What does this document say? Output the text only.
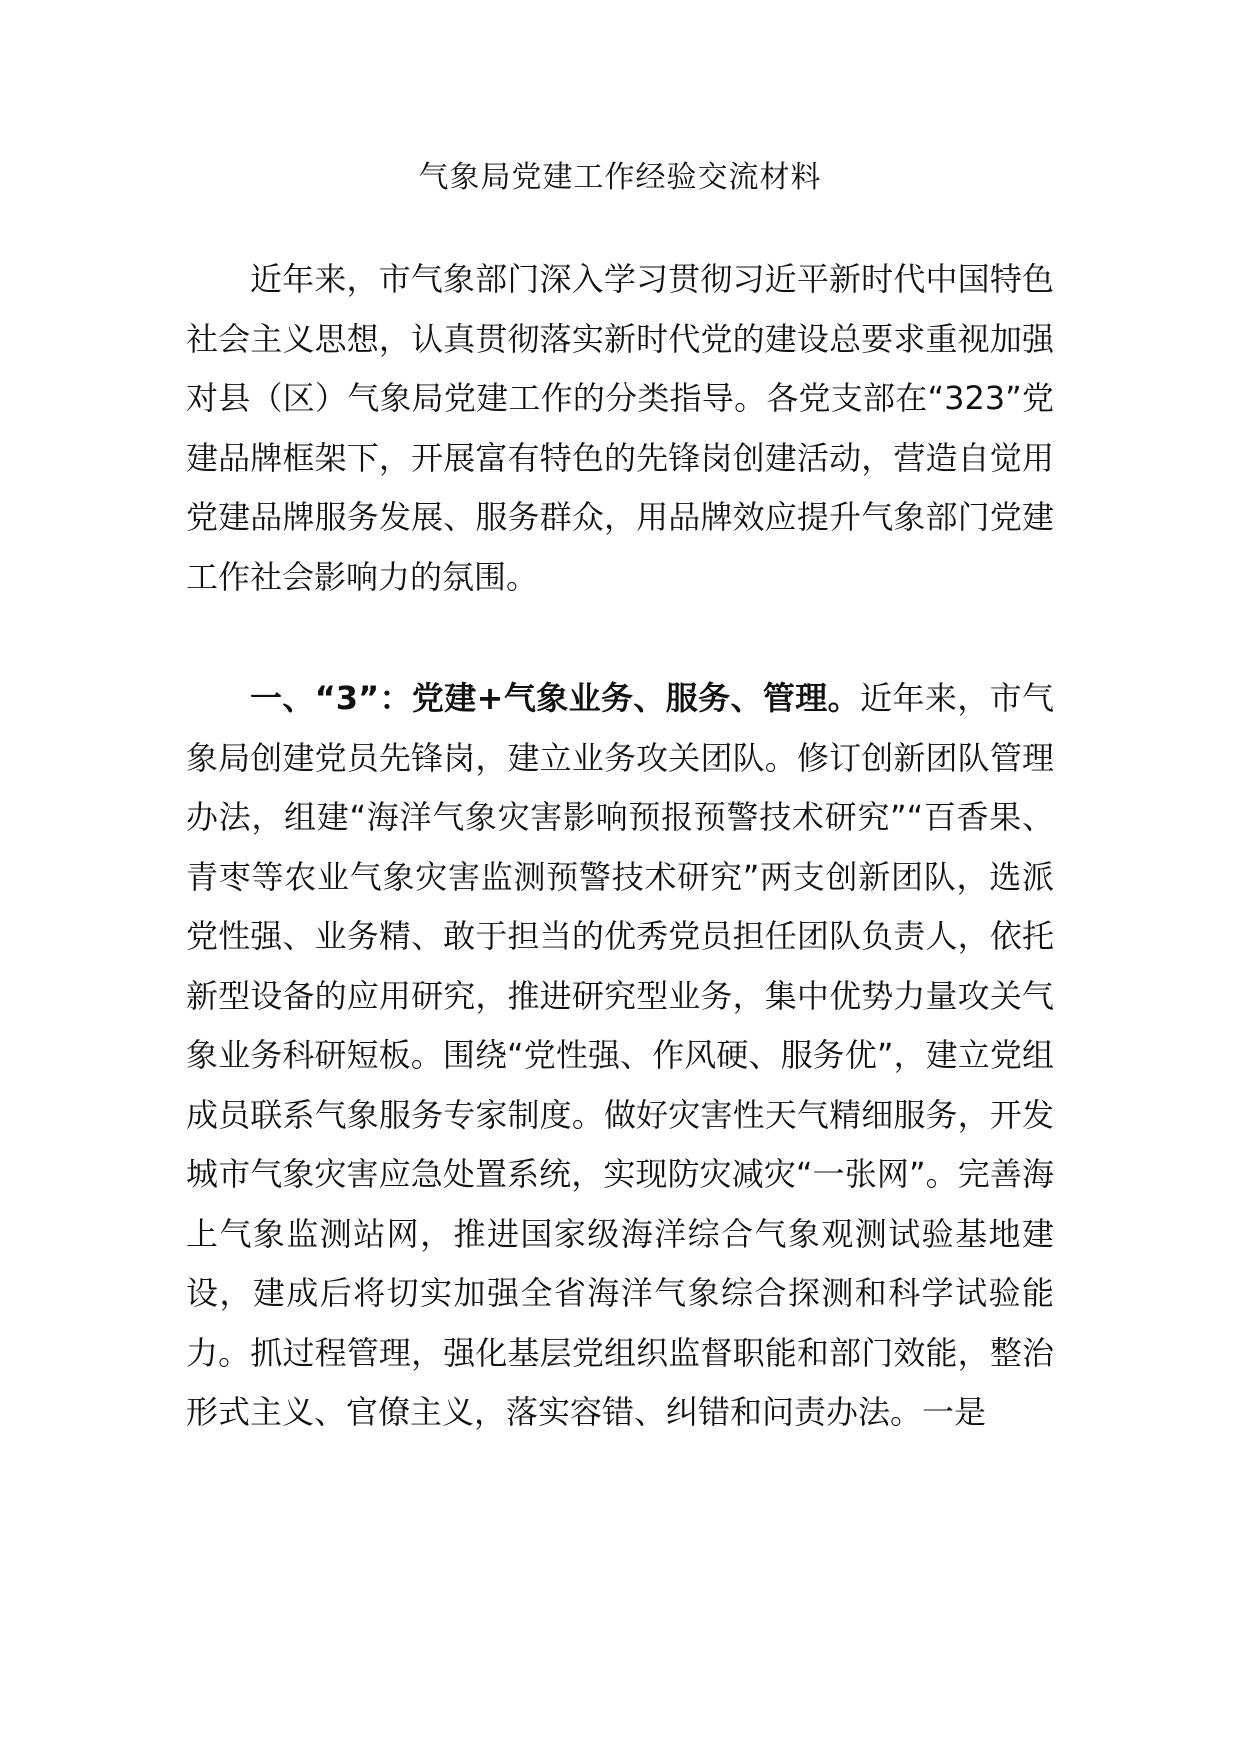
气象局党建工作经验交流材料

近年来，市气象部门深入学习贯彻习近平新时代中国特色社会主义思想，认真贯彻落实新时代党的建设总要求重视加强对县（区）气象局党建工作的分类指导。各党支部在“323”党建品牌框架下，开展富有特色的先锋岗创建活动，营造自觉用党建品牌服务发展、服务群众，用品牌效应提升气象部门党建工作社会影响力的氛围。

一、“3”：党建+气象业务、服务、管理。近年来，市气象局创建党员先锋岗，建立业务攻关团队。修订创新团队管理办法，组建“海洋气象灾害影响预报预警技术研究”“百香果、青枣等农业气象灾害监测预警技术研究”两支创新团队，选派党性强、业务精、敢于担当的优秀党员担任团队负责人，依托新型设备的应用研究，推进研究型业务，集中优势力量攻关气象业务科研短板。围绕“党性强、作风硬、服务优”，建立党组成员联系气象服务专家制度。做好灾害性天气精细服务，开发城市气象灾害应急处置系统，实现防灾减灾“一张网”。完善海上气象监测站网，推进国家级海洋综合气象观测试验基地建设，建成后将切实加强全省海洋气象综合探测和科学试验能力。抓过程管理，强化基层党组织监督职能和部门效能，整治形式主义、官僚主义，落实容错、纠错和问责办法。一是
